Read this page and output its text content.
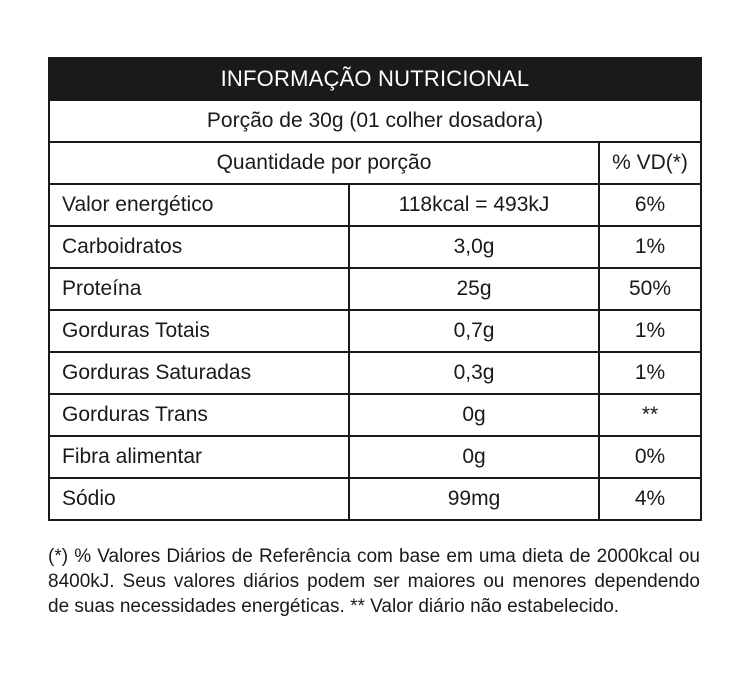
INFORMAÇÃO NUTRICIONAL		
Porção de 30g (01 colher dosadora)		
Quantidade por porção		% VD(*)
Valor energético	118kcal = 493kJ	6%
Carboidratos	3,0g	1%
Proteína	25g	50%
Gorduras Totais	0,7g	1%
Gorduras Saturadas	0,3g	1%
Gorduras Trans	0g	**
Fibra alimentar	0g	0%
Sódio	99mg	4%

(*) % Valores Diários de Referência com base em uma dieta de 2000kcal ou 8400kJ. Seus valores diários podem ser maiores ou menores dependendo de suas necessidades energéticas. ** Valor diário não estabelecido.
